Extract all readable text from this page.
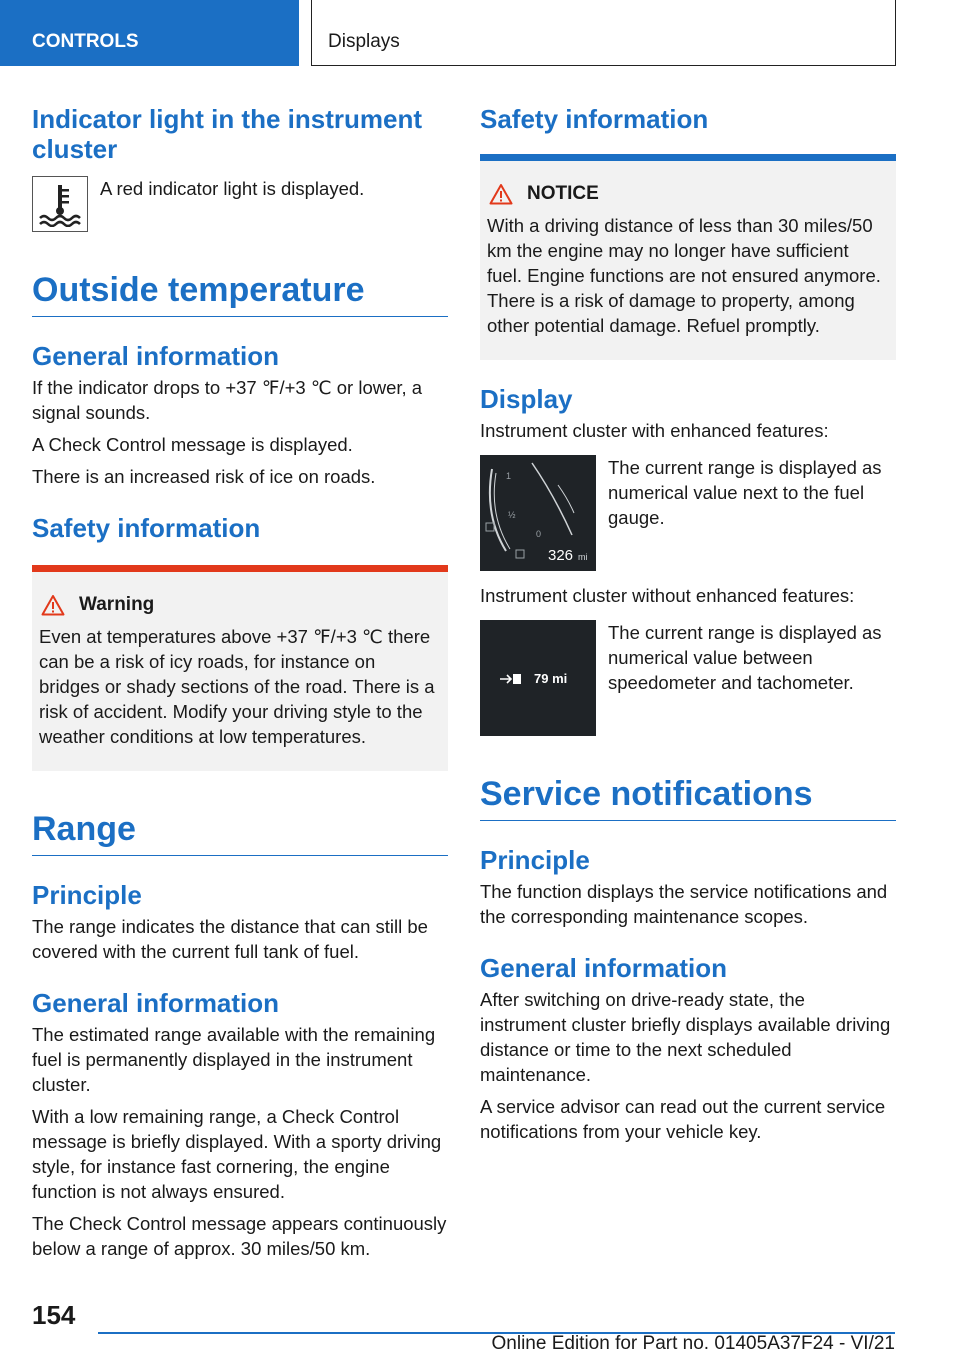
CONTROLS	Displays
Indicator light in the instrument cluster
A red indicator light is displayed.
Outside temperature
General information
If the indicator drops to +37 ℉/+3 ℃ or lower, a signal sounds.
A Check Control message is displayed.
There is an increased risk of ice on roads.
Safety information
Warning
Even at temperatures above +37 ℉/+3 ℃ there can be a risk of icy roads, for instance on bridges or shady sections of the road. There is a risk of accident. Modify your driving style to the weather conditions at low temperatures.
Range
Principle
The range indicates the distance that can still be covered with the current full tank of fuel.
General information
The estimated range available with the remaining fuel is permanently displayed in the instrument cluster.
With a low remaining range, a Check Control message is briefly displayed. With a sporty driving style, for instance fast cornering, the engine function is not always ensured.
The Check Control message appears continuously below a range of approx. 30 miles/50 km.
Safety information
NOTICE
With a driving distance of less than 30 miles/50 km the engine may no longer have sufficient fuel. Engine functions are not ensured anymore. There is a risk of damage to property, among other potential damage. Refuel promptly.
Display
Instrument cluster with enhanced features:
1
½
0
326 mi
The current range is displayed as numerical value next to the fuel gauge.
Instrument cluster without enhanced features:
79 mi
The current range is displayed as numerical value between speedometer and tachometer.
Service notifications
Principle
The function displays the service notifications and the corresponding maintenance scopes.
General information
After switching on drive-ready state, the instrument cluster briefly displays available driving distance or time to the next scheduled maintenance.
A service advisor can read out the current service notifications from your vehicle key.
154
Online Edition for Part no. 01405A37F24 - VI/21
